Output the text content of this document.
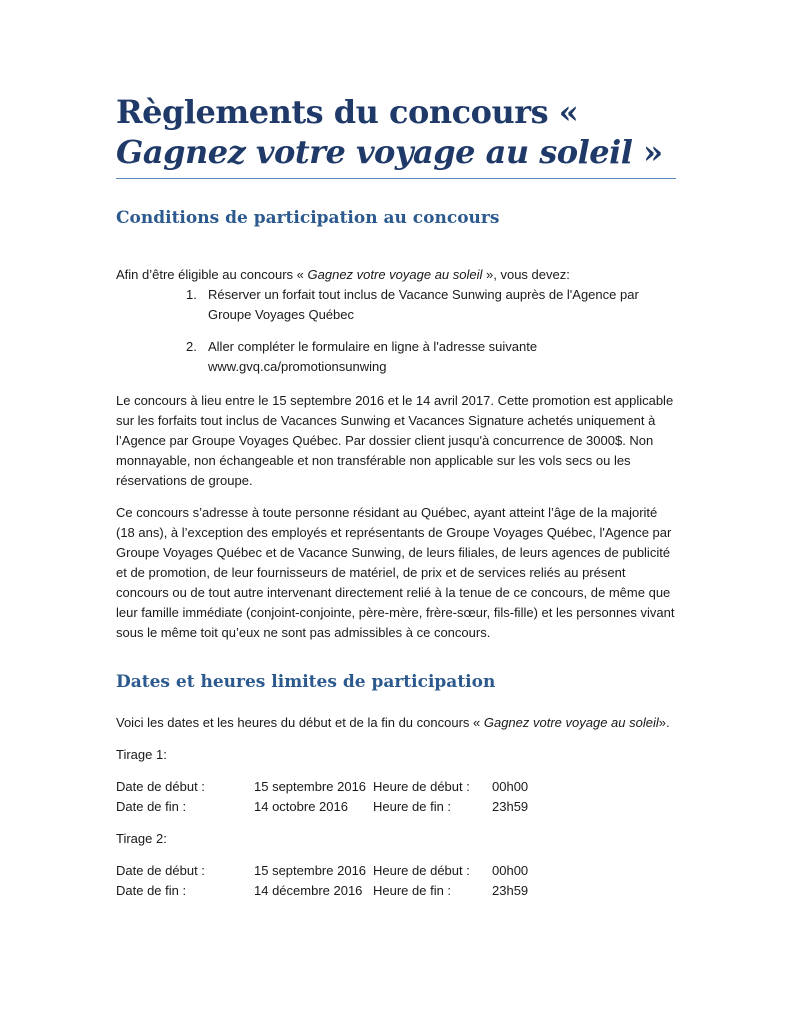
Règlements du concours « Gagnez votre voyage au soleil »
Conditions de participation au concours

Afin d’être éligible au concours « Gagnez votre voyage au soleil », vous devez:

1. Réserver un forfait tout inclus de Vacance Sunwing auprès de l'Agence par Groupe Voyages Québec
2. Aller compléter le formulaire en ligne à l'adresse suivante www.gvq.ca/promotionsunwing

Le concours à lieu entre le 15 septembre 2016 et le 14 avril 2017. Cette promotion est applicable sur les forfaits tout inclus de Vacances Sunwing et Vacances Signature achetés uniquement à l’Agence par Groupe Voyages Québec. Par dossier client jusqu'à concurrence de 3000$. Non monnayable, non échangeable et non transférable non applicable sur les vols secs ou les réservations de groupe.

Ce concours s’adresse à toute personne résidant au Québec, ayant atteint l’âge de la majorité (18 ans), à l’exception des employés et représentants de Groupe Voyages Québec, l'Agence par Groupe Voyages Québec et de Vacance Sunwing, de leurs filiales, de leurs agences de publicité et de promotion, de leur fournisseurs de matériel, de prix et de services reliés au présent concours ou de tout autre intervenant directement relié à la tenue de ce concours, de même que leur famille immédiate (conjoint-conjointe, père-mère, frère-sœur, fils-fille) et les personnes vivant sous le même toit qu’eux ne sont pas admissibles à ce concours.

Dates et heures limites de participation

Voici les dates et les heures du début et de la fin du concours « Gagnez votre voyage au soleil».

Tirage 1:

Date de début :	15 septembre 2016	Heure de début :	00h00
Date de fin :	14 octobre 2016	Heure de fin :	23h59

Tirage 2:

Date de début :	15 septembre 2016	Heure de début :	00h00
Date de fin :	14 décembre 2016	Heure de fin :	23h59
